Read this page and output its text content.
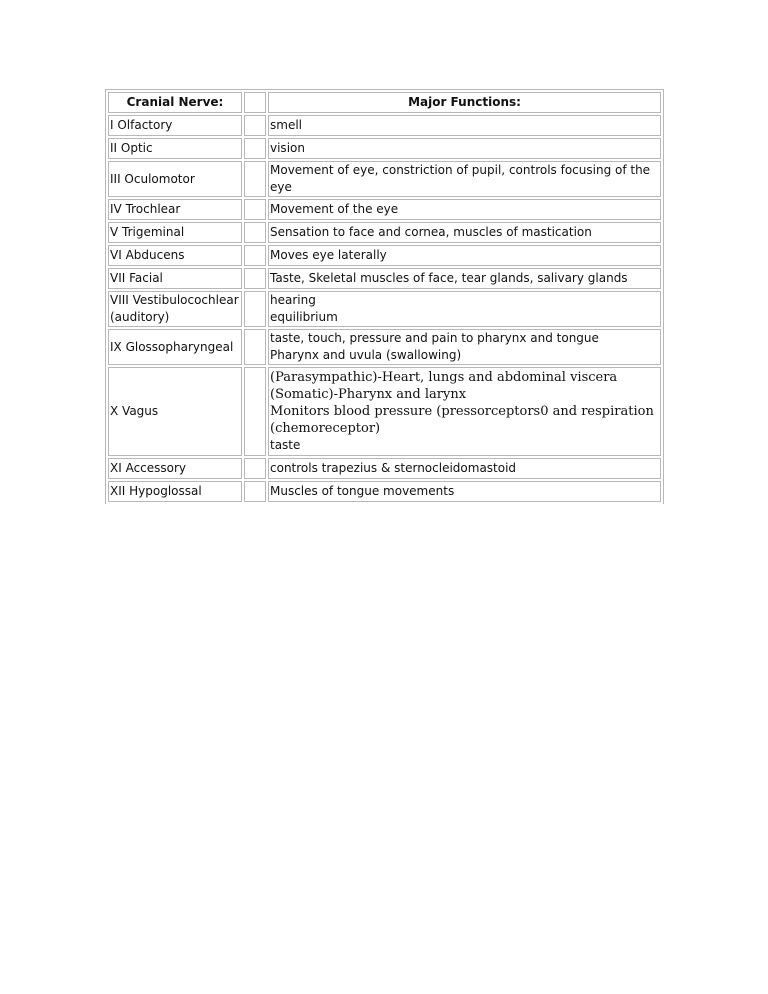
Cranial Nerve:		Major Functions:
I Olfactory		smell

II Optic		vision

III Oculomotor		Movement of eye, constriction of pupil, controls focusing of the eye

IV Trochlear		Movement of the eye

V Trigeminal		Sensation to face and cornea, muscles of mastication

VI Abducens		Moves eye laterally

VII Facial		Taste, Skeletal muscles of face, tear glands, salivary glands

VIII Vestibulocochlear (auditory)		hearing
equilibrium

IX Glossopharyngeal		taste, touch, pressure and pain to pharynx and tongue
Pharynx and uvula (swallowing)

X Vagus		(Parasympathic)-Heart, lungs and abdominal viscera
(Somatic)-Pharynx and larynx
Monitors blood pressure (pressorceptors0 and respiration (chemoreceptor)
taste

XI Accessory		controls trapezius & sternocleidomastoid

XII Hypoglossal		Muscles of tongue movements
